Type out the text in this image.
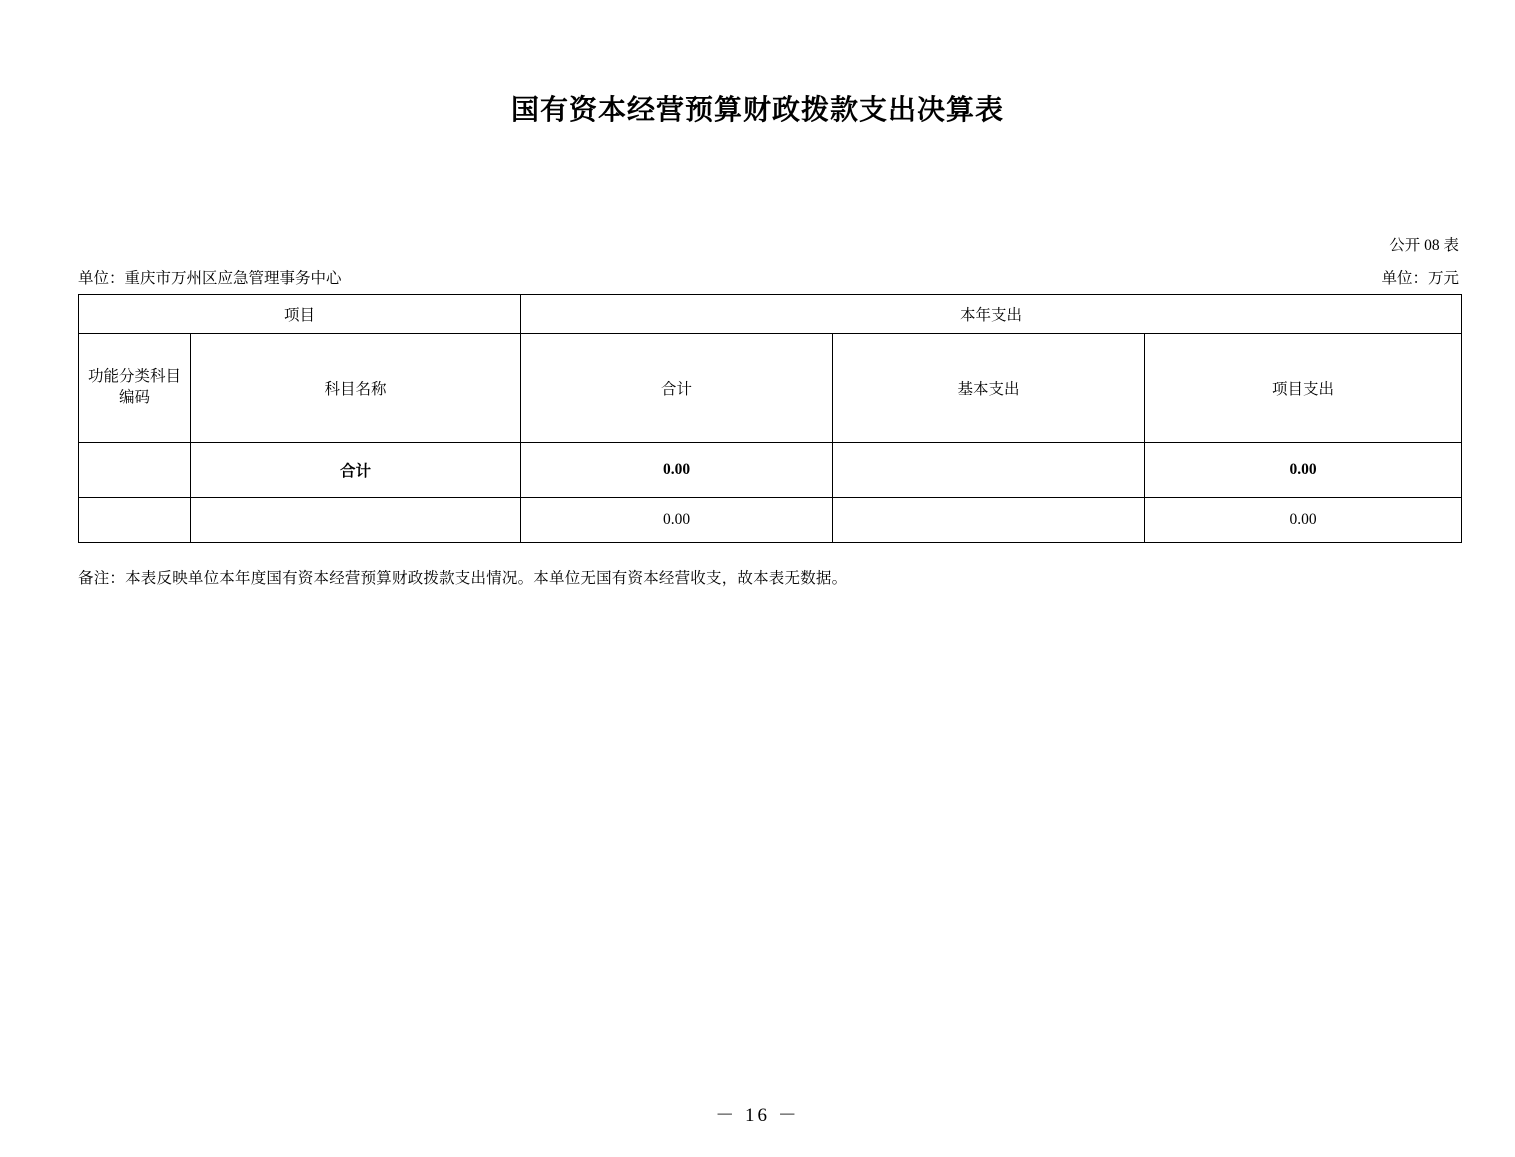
国有资本经营预算财政拨款支出决算表
公开 08 表
单位：重庆市万州区应急管理事务中心	单位：万元
项目		本年支出		

功能分类科目
编码	科目名称	合计	基本支出	项目支出
	合计	0.00		0.00
		0.00		0.00
备注：本表反映单位本年度国有资本经营预算财政拨款支出情况。本单位无国有资本经营收支，故本表无数据。
－ 16 －
